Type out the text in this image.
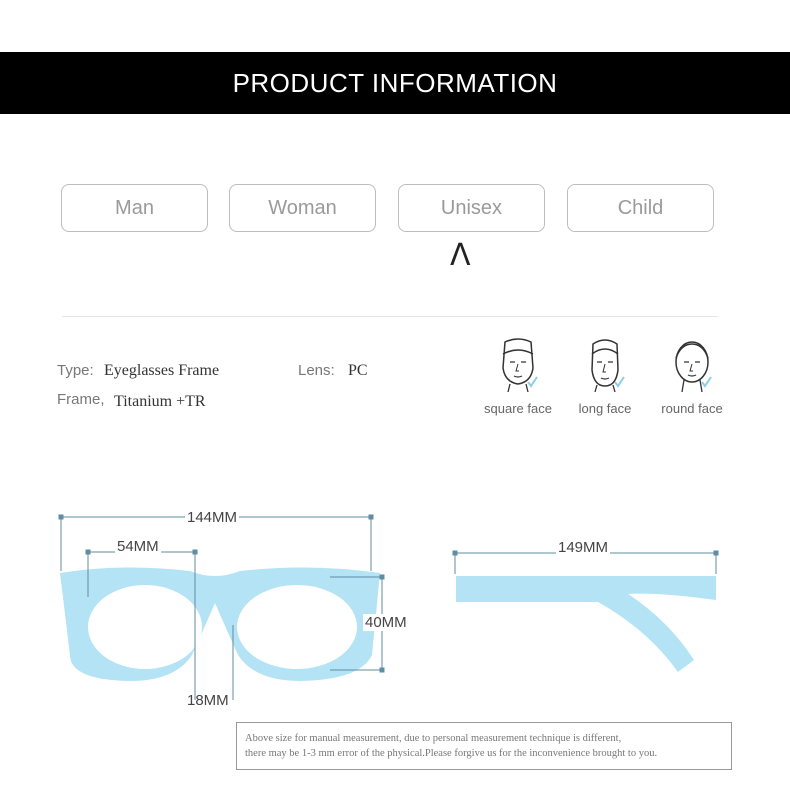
PRODUCT INFORMATION
Man	Woman	Unisex	Child
Λ
Type: Eyeglasses Frame	Lens: PC
Frame, Titanium +TR	square face	long face	round face
144MM
54MM
40MM
18MM
149MM
Above size for manual measurement, due to personal measurement technique is different,
there may be 1-3 mm error of the physical.Please forgive us for the inconvenience brought to you.
